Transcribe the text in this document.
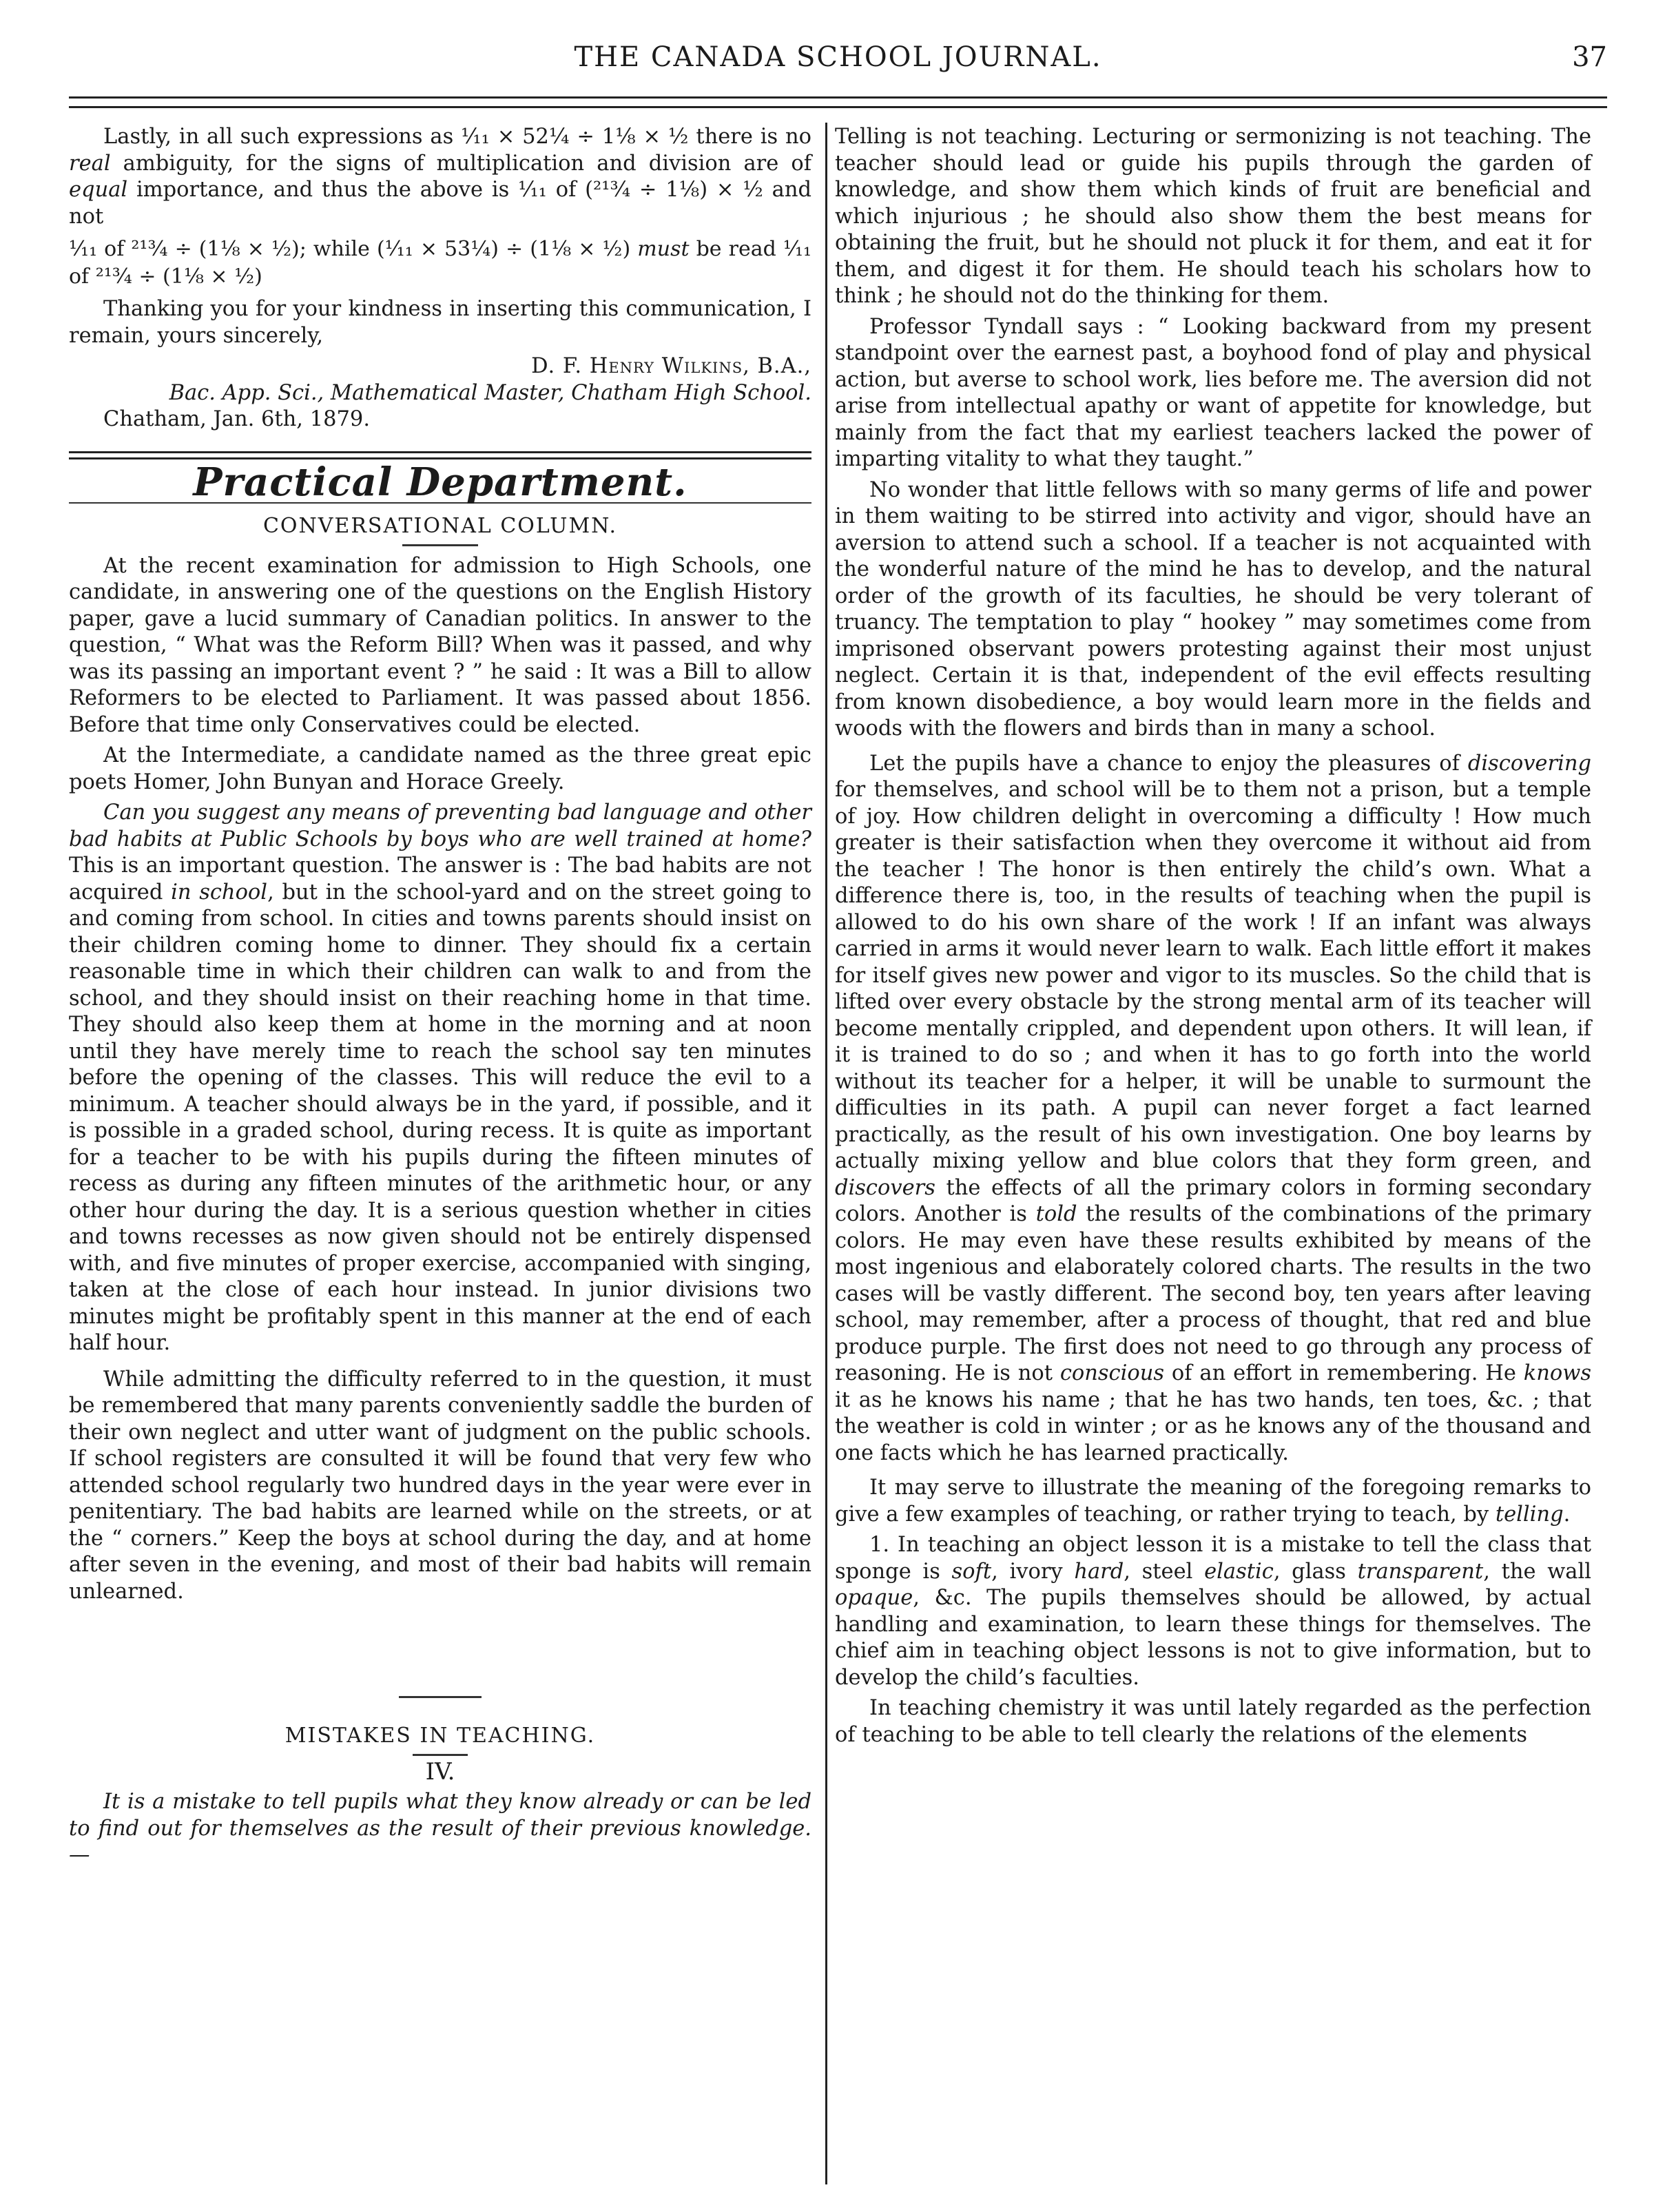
THE CANADA SCHOOL JOURNAL.	37

Lastly, in all such expressions as ¹⁄₁₁ × 52¼ ÷ 1⅛ × ½ there is no real ambiguity, for the signs of multiplication and division are of equal importance, and thus the above is ¹⁄₁₁ of (²¹³⁄₄ ÷ 1⅛) × ½ and not

¹⁄₁₁ of ²¹³⁄₄ ÷ (1⅛ × ½); while (¹⁄₁₁ × 53¼) ÷ (1⅛ × ½) must be read ¹⁄₁₁ of ²¹³⁄₄ ÷ (1⅛ × ½)

Thanking you for your kindness in inserting this communication, I remain, yours sincerely,

D. F. Henry Wilkins, B.A.,

Bac. App. Sci., Mathematical Master, Chatham High School.

Chatham, Jan. 6th, 1879.

Practical Department.
CONVERSATIONAL COLUMN.

At the recent examination for admission to High Schools, one candidate, in answering one of the questions on the English History paper, gave a lucid summary of Canadian politics. In answer to the question, “ What was the Reform Bill? When was it passed, and why was its passing an important event ? ” he said : It was a Bill to allow Reformers to be elected to Parliament. It was passed about 1856. Before that time only Conservatives could be elected.

At the Intermediate, a candidate named as the three great epic poets Homer, John Bunyan and Horace Greely.

Can you suggest any means of preventing bad language and other bad habits at Public Schools by boys who are well trained at home? This is an important question. The answer is : The bad habits are not acquired in school, but in the school-yard and on the street going to and coming from school. In cities and towns parents should insist on their children coming home to dinner. They should fix a certain reasonable time in which their children can walk to and from the school, and they should insist on their reaching home in that time. They should also keep them at home in the morning and at noon until they have merely time to reach the school say ten minutes before the opening of the classes. This will reduce the evil to a minimum. A teacher should always be in the yard, if possible, and it is possible in a graded school, during recess. It is quite as important for a teacher to be with his pupils during the fifteen minutes of recess as during any fifteen minutes of the arithmetic hour, or any other hour during the day. It is a serious question whether in cities and towns recesses as now given should not be entirely dispensed with, and five minutes of proper exercise, accompanied with singing, taken at the close of each hour instead. In junior divisions two minutes might be profitably spent in this manner at the end of each half hour.

While admitting the difficulty referred to in the question, it must be remembered that many parents conveniently saddle the burden of their own neglect and utter want of judgment on the public schools. If school registers are consulted it will be found that very few who attended school regularly two hundred days in the year were ever in penitentiary. The bad habits are learned while on the streets, or at the “ corners.” Keep the boys at school during the day, and at home after seven in the evening, and most of their bad habits will remain unlearned.

MISTAKES IN TEACHING.
IV.

It is a mistake to tell pupils what they know already or can be led to find out for themselves as the result of their previous knowledge.—

Telling is not teaching. Lecturing or sermonizing is not teaching. The teacher should lead or guide his pupils through the garden of knowledge, and show them which kinds of fruit are beneficial and which injurious ; he should also show them the best means for obtaining the fruit, but he should not pluck it for them, and eat it for them, and digest it for them. He should teach his scholars how to think ; he should not do the thinking for them.

Professor Tyndall says : “ Looking backward from my present standpoint over the earnest past, a boyhood fond of play and physical action, but averse to school work, lies before me. The aversion did not arise from intellectual apathy or want of appetite for knowledge, but mainly from the fact that my earliest teachers lacked the power of imparting vitality to what they taught.”

No wonder that little fellows with so many germs of life and power in them waiting to be stirred into activity and vigor, should have an aversion to attend such a school. If a teacher is not acquainted with the wonderful nature of the mind he has to develop, and the natural order of the growth of its faculties, he should be very tolerant of truancy. The temptation to play “ hookey ” may sometimes come from imprisoned observant powers protesting against their most unjust neglect. Certain it is that, independent of the evil effects resulting from known disobedience, a boy would learn more in the fields and woods with the flowers and birds than in many a school.

Let the pupils have a chance to enjoy the pleasures of discovering for themselves, and school will be to them not a prison, but a temple of joy. How children delight in overcoming a difficulty ! How much greater is their satisfaction when they overcome it without aid from the teacher ! The honor is then entirely the child’s own. What a difference there is, too, in the results of teaching when the pupil is allowed to do his own share of the work ! If an infant was always carried in arms it would never learn to walk. Each little effort it makes for itself gives new power and vigor to its muscles. So the child that is lifted over every obstacle by the strong mental arm of its teacher will become mentally crippled, and dependent upon others. It will lean, if it is trained to do so ; and when it has to go forth into the world without its teacher for a helper, it will be unable to surmount the difficulties in its path. A pupil can never forget a fact learned practically, as the result of his own investigation. One boy learns by actually mixing yellow and blue colors that they form green, and discovers the effects of all the primary colors in forming secondary colors. Another is told the results of the combinations of the primary colors. He may even have these results exhibited by means of the most ingenious and elaborately colored charts. The results in the two cases will be vastly different. The second boy, ten years after leaving school, may remember, after a process of thought, that red and blue produce purple. The first does not need to go through any process of reasoning. He is not conscious of an effort in remembering. He knows it as he knows his name ; that he has two hands, ten toes, &c. ; that the weather is cold in winter ; or as he knows any of the thousand and one facts which he has learned practically.

It may serve to illustrate the meaning of the foregoing remarks to give a few examples of teaching, or rather trying to teach, by telling.

1. In teaching an object lesson it is a mistake to tell the class that sponge is soft, ivory hard, steel elastic, glass transparent, the wall opaque, &c. The pupils themselves should be allowed, by actual handling and examination, to learn these things for themselves. The chief aim in teaching object lessons is not to give information, but to develop the child’s faculties.

In teaching chemistry it was until lately regarded as the perfection of teaching to be able to tell clearly the relations of the elements
